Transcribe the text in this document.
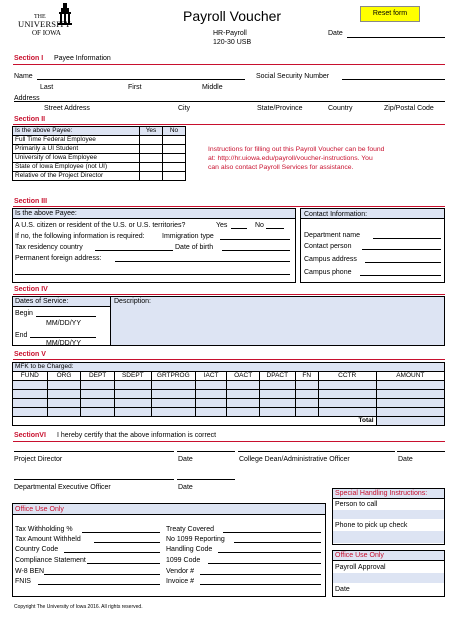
THE
UNIVERSITY
OF IOWA
Payroll Voucher	Reset form
HR-Payroll
120-30 USB
Date
Section I Payee Information
Name	Social Security Number
Last	First	Middle
Address
Street Address	City	State/Province	Country	Zip/Postal Code
Section II
Is the above Payee:	Yes	No
Full Time Federal Employee		
Primarily a UI Student		
University of Iowa Employee		
State of Iowa Employee (not UI)		
Relative of the Project Director		
Instructions for filling out this Payroll Voucher can be found
at: http://hr.uiowa.edu/payroll/voucher-instructions. You
can also contact Payroll Services for assistance.
Section III
Is the above Payee:
A U.S. citizen or resident of the U.S. or U.S. territories?	Yes	No
If no, the following information is required: Immigration type
Tax residency country	Date of birth
Permanent foreign address:
Contact Information:
Department name
Contact person
Campus address
Campus phone
Section IV
Dates of Service:	Description:
Begin
MM/DD/YY
End
MM/DD/YY
Section V
MFK to be Charged:										
FUND	ORG	DEPT	SDEPT	GRTPROG	IACT	OACT	DPACT	FN	CCTR	AMOUNT

Total										
SectionVI I hereby certify that the above information is correct
Project Director	Date	College Dean/Administrative Officer	Date
Departmental Executive Officer	Date
Office Use Only
Tax Withholding %
Tax Amount Withheld
Country Code
Compliance Statement
W-8 BEN
FNIS
Treaty Covered
No 1099 Reporting
Handling Code
1099 Code
Vendor #
Invoice #
Special Handling Instructions:
Person to call
Phone to pick up check
Office Use Only
Payroll Approval
Date
Copyright The University of Iowa 2016. All rights reserved.
